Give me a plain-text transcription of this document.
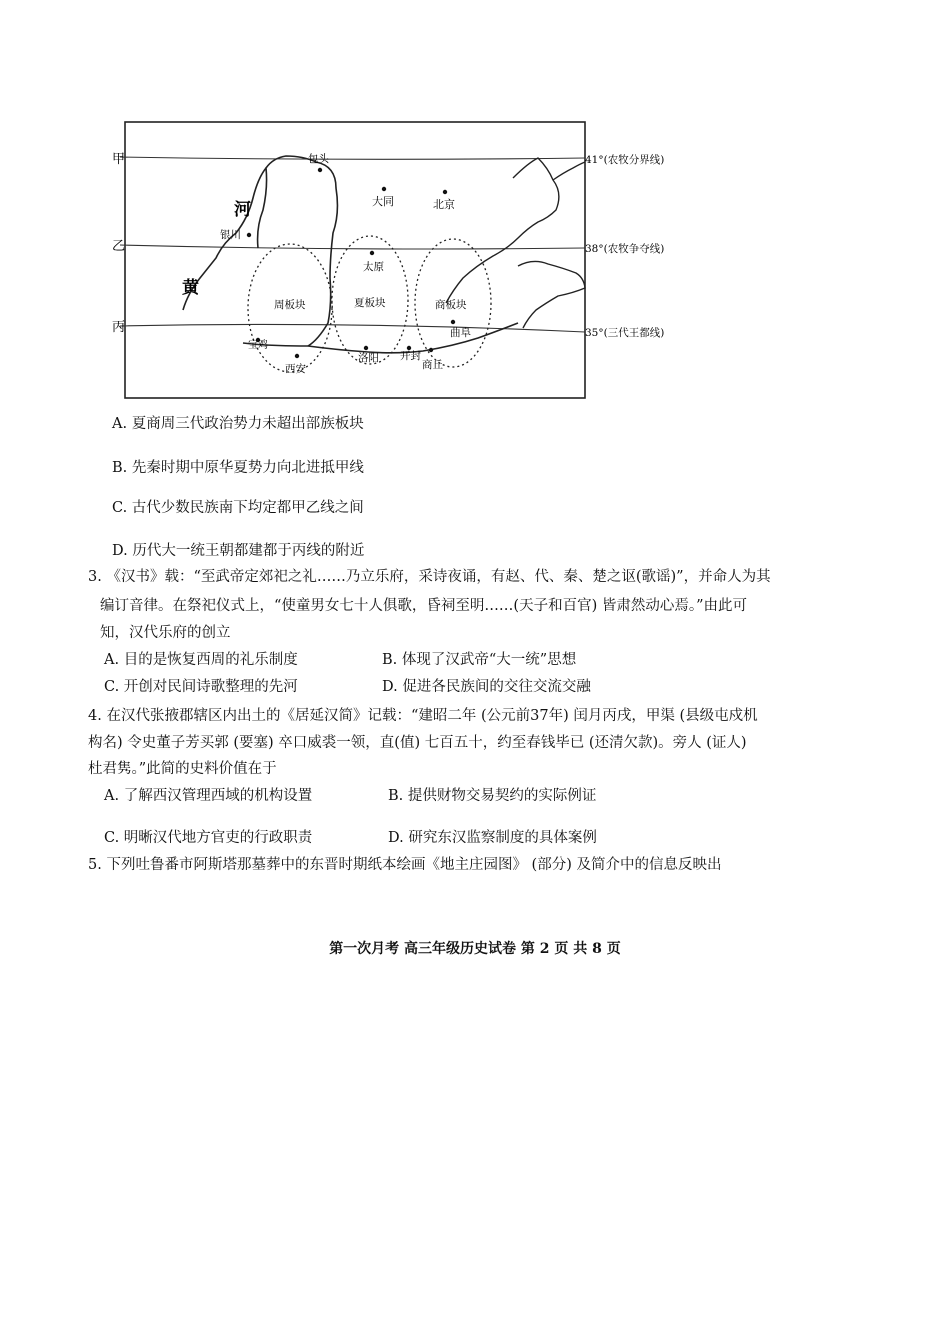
甲
乙
丙
41°(农牧分界线)
38°(农牧争夺线)
35°(三代王都线)
河
黄
包头
大同	北京
银川
太原
曲阜
宝鸡
西安
洛阳 开封
商丘
周板块	夏板块	商板块
A. 夏商周三代政治势力未超出部族板块
B. 先秦时期中原华夏势力向北进抵甲线
C. 古代少数民族南下均定都甲乙线之间
D. 历代大一统王朝都建都于丙线的附近
3. 《汉书》载：“至武帝定郊祀之礼……乃立乐府，采诗夜诵，有赵、代、秦、楚之讴(歌谣)”，并命人为其
编订音律。在祭祀仪式上，“使童男女七十人俱歌，昏祠至明……(天子和百官) 皆肃然动心焉。”由此可
知，汉代乐府的创立
A. 目的是恢复西周的礼乐制度	B. 体现了汉武帝“大一统”思想
C. 开创对民间诗歌整理的先河	D. 促进各民族间的交往交流交融
4. 在汉代张掖郡辖区内出土的《居延汉简》记载：“建昭二年 (公元前37年) 闰月丙戌，甲渠 (县级屯戍机
构名) 令史董子芳买郭 (要塞) 卒口威裘一领，直(值) 七百五十，约至春钱毕已 (还清欠款)。旁人 (证人)
杜君隽。”此简的史料价值在于
A. 了解西汉管理西域的机构设置	B. 提供财物交易契约的实际例证
C. 明晰汉代地方官吏的行政职责	D. 研究东汉监察制度的具体案例
5. 下列吐鲁番市阿斯塔那墓葬中的东晋时期纸本绘画《地主庄园图》 (部分) 及简介中的信息反映出
第一次月考 高三年级历史试卷 第 2 页 共 8 页
